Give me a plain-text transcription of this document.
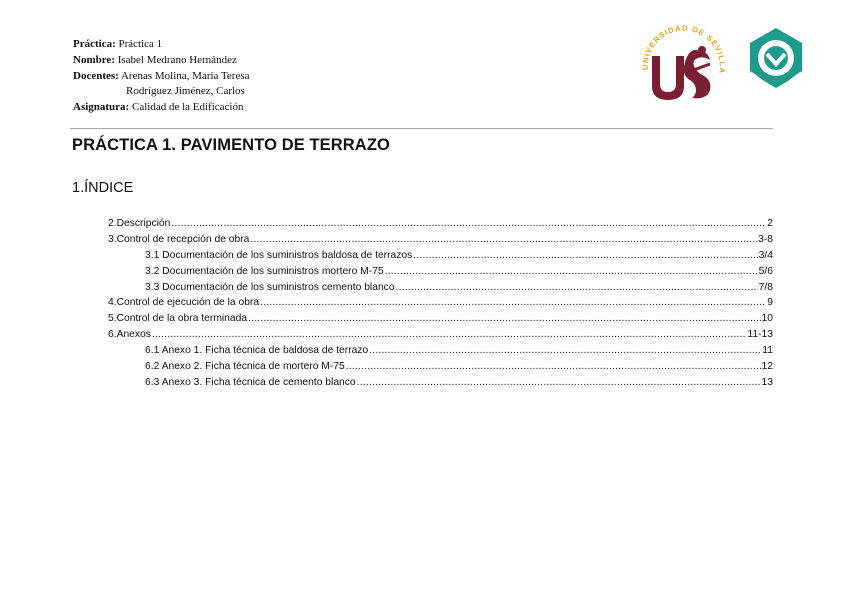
Práctica: Práctica 1
Nombre: Isabel Medrano Hernández
Docentes: Arenas Molina, María Teresa
Rodríguez Jiménez, Carlos
Asignatura: Calidad de la Edificación
UNIVERSIDAD DE SEVILLA
PRÁCTICA 1. PAVIMENTO DE TERRAZO
1.ÍNDICE
2.Descripción .....	2
3.Control de recepción de obra .....	3-8
3.1 Documentación de los suministros baldosa de terrazos .....	3/4
3.2 Documentación de los suministros mortero M-75 .....	5/6
3.3 Documentación de los suministros cemento blanco .....	7/8
4.Control de ejecución de la obra .....	9
5.Control de la obra terminada .....	10
6.Anexos .....	11-13
6.1 Anexo 1. Ficha técnica de baldosa de terrazo .....	11
6.2 Anexo 2. Ficha técnica de mortero M-75 .....	12
6.3 Anexo 3. Ficha técnica de cemento blanco .....	13
